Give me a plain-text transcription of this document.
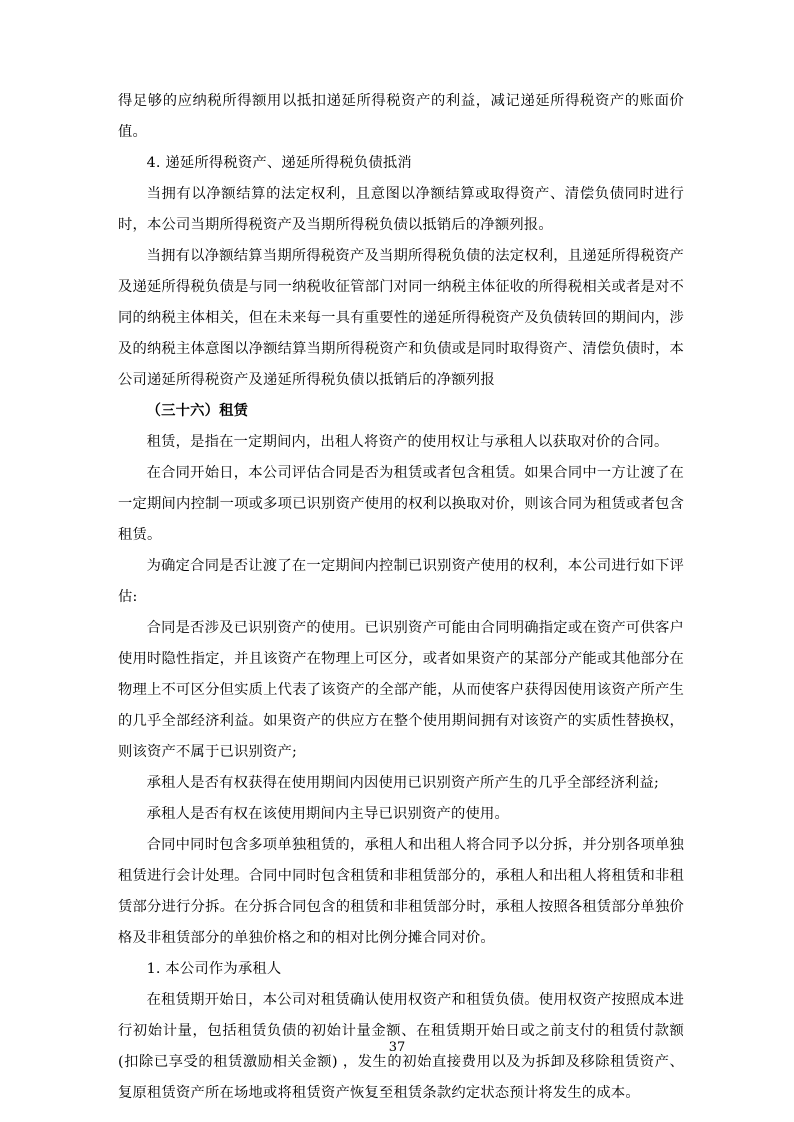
得足够的应纳税所得额用以抵扣递延所得税资产的利益，减记递延所得税资产的账面价值。

4. 递延所得税资产、递延所得税负债抵消

当拥有以净额结算的法定权利，且意图以净额结算或取得资产、清偿负债同时进行时，本公司当期所得税资产及当期所得税负债以抵销后的净额列报。

当拥有以净额结算当期所得税资产及当期所得税负债的法定权利，且递延所得税资产及递延所得税负债是与同一纳税收征管部门对同一纳税主体征收的所得税相关或者是对不同的纳税主体相关，但在未来每一具有重要性的递延所得税资产及负债转回的期间内，涉及的纳税主体意图以净额结算当期所得税资产和负债或是同时取得资产、清偿负债时，本公司递延所得税资产及递延所得税负债以抵销后的净额列报

（三十六）租赁

租赁，是指在一定期间内，出租人将资产的使用权让与承租人以获取对价的合同。

在合同开始日，本公司评估合同是否为租赁或者包含租赁。如果合同中一方让渡了在一定期间内控制一项或多项已识别资产使用的权利以换取对价，则该合同为租赁或者包含租赁。

为确定合同是否让渡了在一定期间内控制已识别资产使用的权利，本公司进行如下评估:

合同是否涉及已识别资产的使用。已识别资产可能由合同明确指定或在资产可供客户使用时隐性指定，并且该资产在物理上可区分，或者如果资产的某部分产能或其他部分在物理上不可区分但实质上代表了该资产的全部产能，从而使客户获得因使用该资产所产生的几乎全部经济利益。如果资产的供应方在整个使用期间拥有对该资产的实质性替换权，则该资产不属于已识别资产;

承租人是否有权获得在使用期间内因使用已识别资产所产生的几乎全部经济利益;

承租人是否有权在该使用期间内主导已识别资产的使用。

合同中同时包含多项单独租赁的，承租人和出租人将合同予以分拆，并分别各项单独租赁进行会计处理。合同中同时包含租赁和非租赁部分的，承租人和出租人将租赁和非租赁部分进行分拆。在分拆合同包含的租赁和非租赁部分时，承租人按照各租赁部分单独价格及非租赁部分的单独价格之和的相对比例分摊合同对价。

1. 本公司作为承租人

在租赁期开始日，本公司对租赁确认使用权资产和租赁负债。使用权资产按照成本进行初始计量，包括租赁负债的初始计量金额、在租赁期开始日或之前支付的租赁付款额 (扣除已享受的租赁激励相关金额) ，发生的初始直接费用以及为拆卸及移除租赁资产、复原租赁资产所在场地或将租赁资产恢复至租赁条款约定状态预计将发生的成本。

37
